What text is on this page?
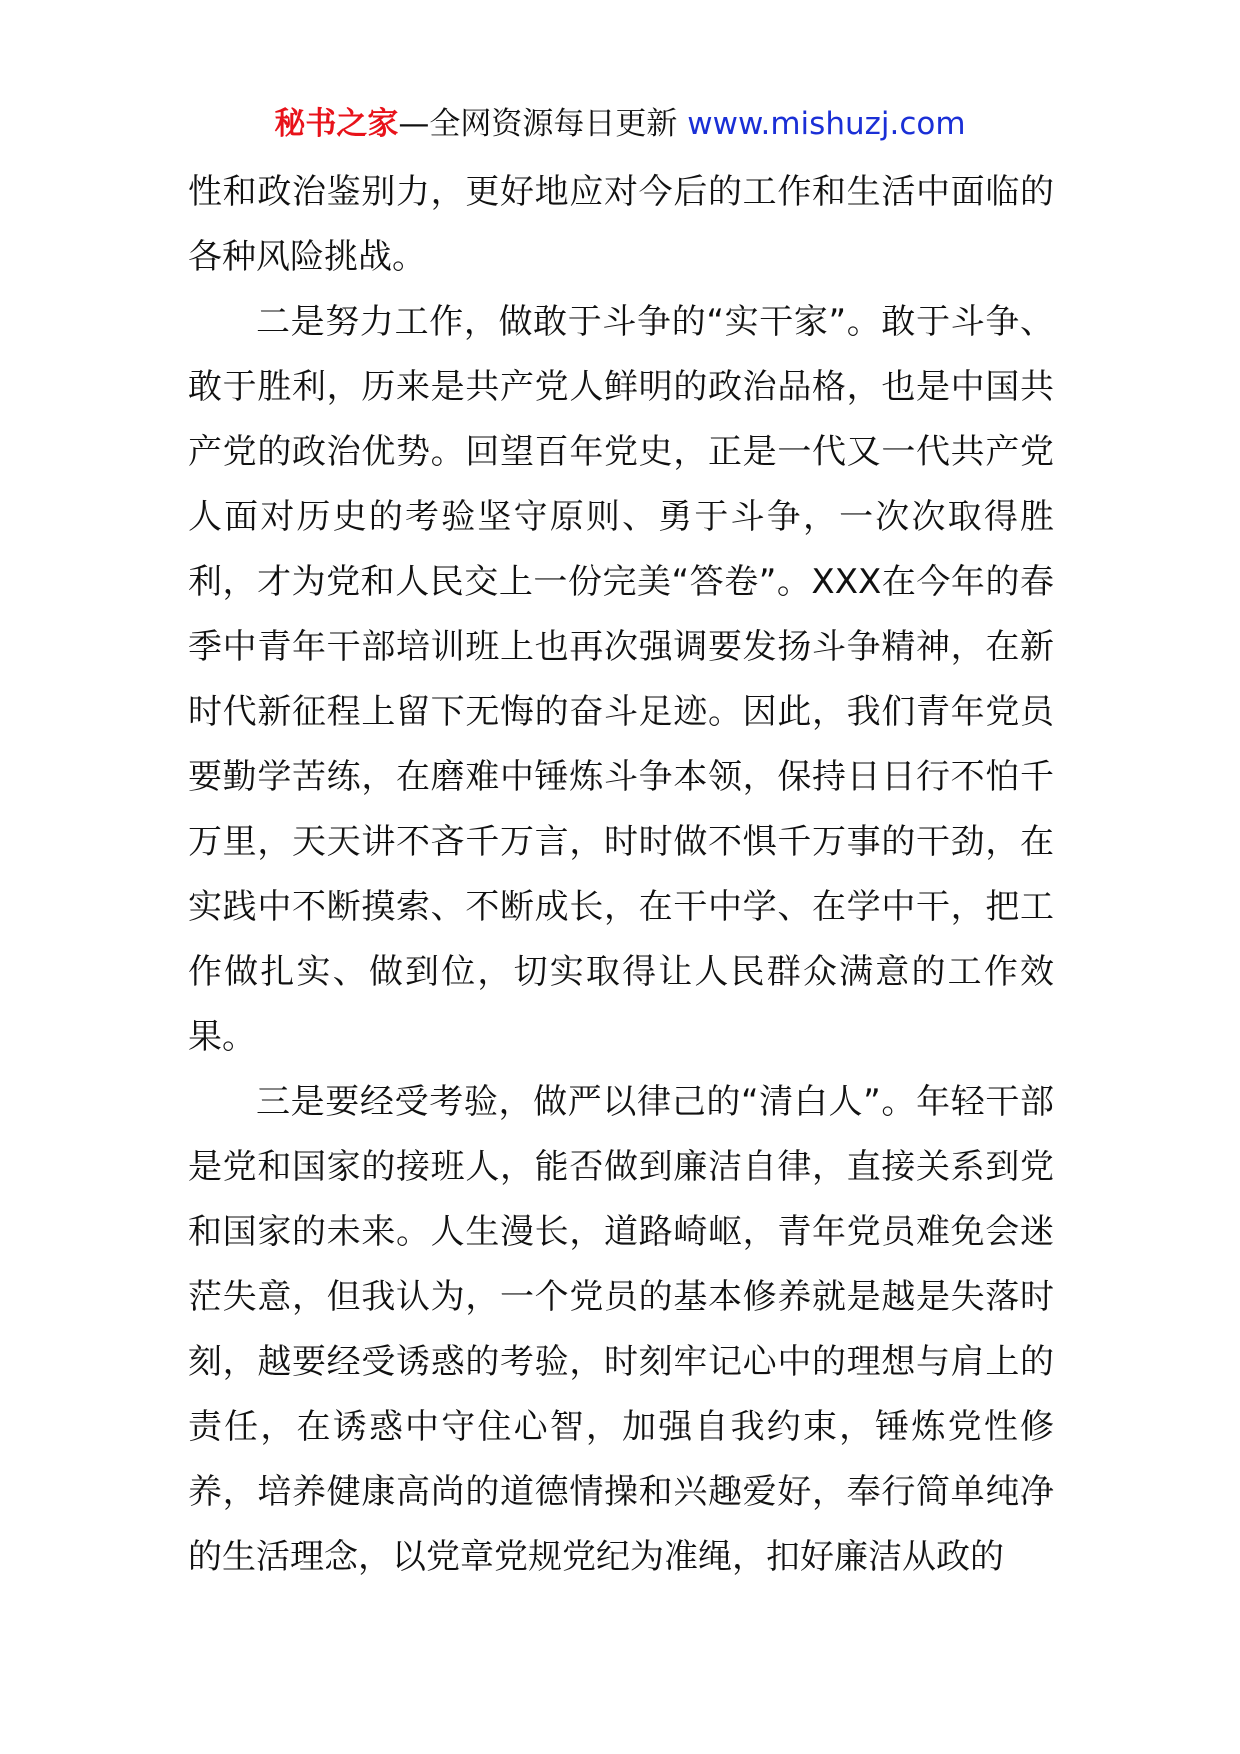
秘书之家—全网资源每日更新 www.mishuzj.com

性和政治鉴别力，更好地应对今后的工作和生活中面临的各种风险挑战。

二是努力工作，做敢于斗争的“实干家”。敢于斗争、敢于胜利，历来是共产党人鲜明的政治品格，也是中国共产党的政治优势。回望百年党史，正是一代又一代共产党人面对历史的考验坚守原则、勇于斗争，一次次取得胜利，才为党和人民交上一份完美“答卷”。XXX在今年的春季中青年干部培训班上也再次强调要发扬斗争精神，在新时代新征程上留下无悔的奋斗足迹。因此，我们青年党员要勤学苦练，在磨难中锤炼斗争本领，保持日日行不怕千万里，天天讲不吝千万言，时时做不惧千万事的干劲，在实践中不断摸索、不断成长，在干中学、在学中干，把工作做扎实、做到位，切实取得让人民群众满意的工作效果。

三是要经受考验，做严以律己的“清白人”。年轻干部是党和国家的接班人，能否做到廉洁自律，直接关系到党和国家的未来。人生漫长，道路崎岖，青年党员难免会迷茫失意，但我认为，一个党员的基本修养就是越是失落时刻，越要经受诱惑的考验，时刻牢记心中的理想与肩上的责任，在诱惑中守住心智，加强自我约束，锤炼党性修养，培养健康高尚的道德情操和兴趣爱好，奉行简单纯净的生活理念，以党章党规党纪为准绳，扣好廉洁从政的
